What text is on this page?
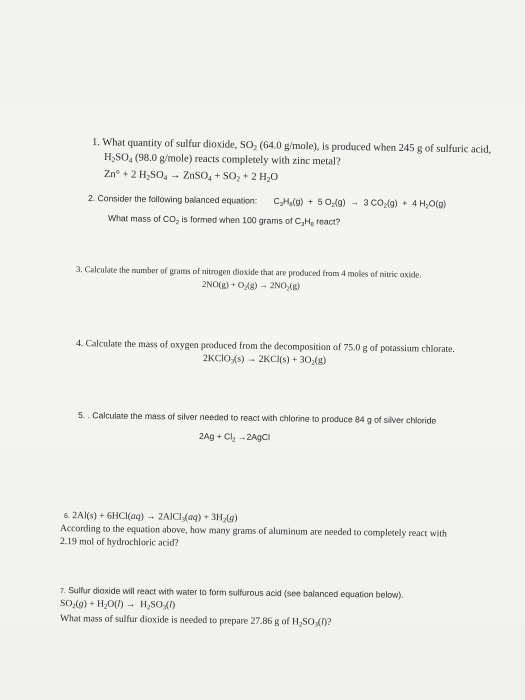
1. What quantity of sulfur dioxide, $SO_2$ (64.0 g/mole), is produced when 245 g of sulfuric acid,
$H_2SO_4$ (98.0 g/mole) reacts completely with zinc metal?
Zn° + 2 $H_2SO_4$ → ZnSO$_4$ + $SO_2 + 2$ $H_2O$
2. Consider the following balanced equation: $C_3H_8(g) + 5$ $O_2(g) \to 3$ $CO_2(g) + 4$ $H_2O(g)$
What mass of $CO_2$ is formed when 100 grams of $C_3H_8$ react?
3. Calculate the number of grams of nitrogen dioxide that are produced from 4 moles of nitric oxide.
$2NO(g) + O_2(g) \to 2NO_2(g)$
4. Calculate the mass of oxygen produced from the decomposition of 75.0 g of potassium chlorate.
2KClO$_3$(s) → $2KCl(s) + 3O_2(g)$
5. . Calculate the mass of silver needed to react with chlorine to produce 84 g of silver chloride
$2Ag + Cl_2$ →2AgCl
6. 2Al(s) + 6HCl(aq) → 2AlCl$_3$(aq) + $3H_2(g)$
According to the equation above, how many grams of aluminum are needed to completely react with
2.19 mol of hydrochloric acid?
7. Sulfur dioxide will react with water to form sulfurous acid (see balanced equation below).
$SO_2(g) + H_2O(l) \to H_2SO_3(l)$
What mass of sulfur dioxide is needed to prepare 27.86 g of $H_2SO_3(l)$?
